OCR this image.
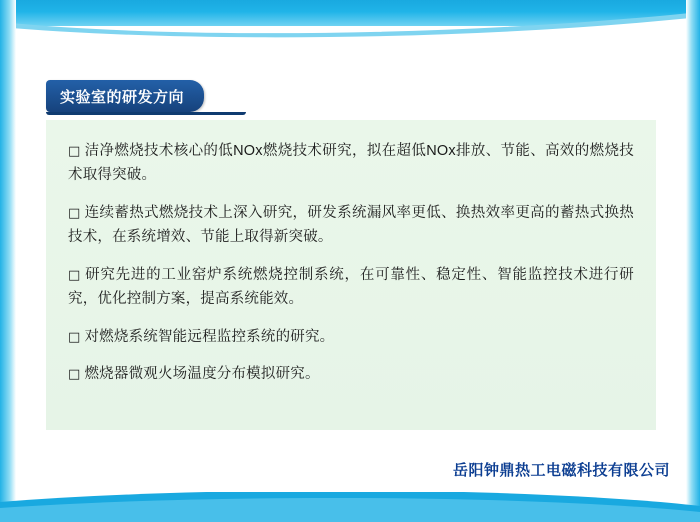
实验室的研发方向
□ 洁净燃烧技术核心的低NOx燃烧技术研究，拟在超低NOx排放、节能、高效的燃烧技术取得突破。
□ 连续蓄热式燃烧技术上深入研究，研发系统漏风率更低、换热效率更高的蓄热式换热技术，在系统增效、节能上取得新突破。
□ 研究先进的工业窑炉系统燃烧控制系统，在可靠性、稳定性、智能监控技术进行研究，优化控制方案，提高系统能效。
□ 对燃烧系统智能远程监控系统的研究。
□ 燃烧器微观火场温度分布模拟研究。
岳阳钟鼎热工电磁科技有限公司
